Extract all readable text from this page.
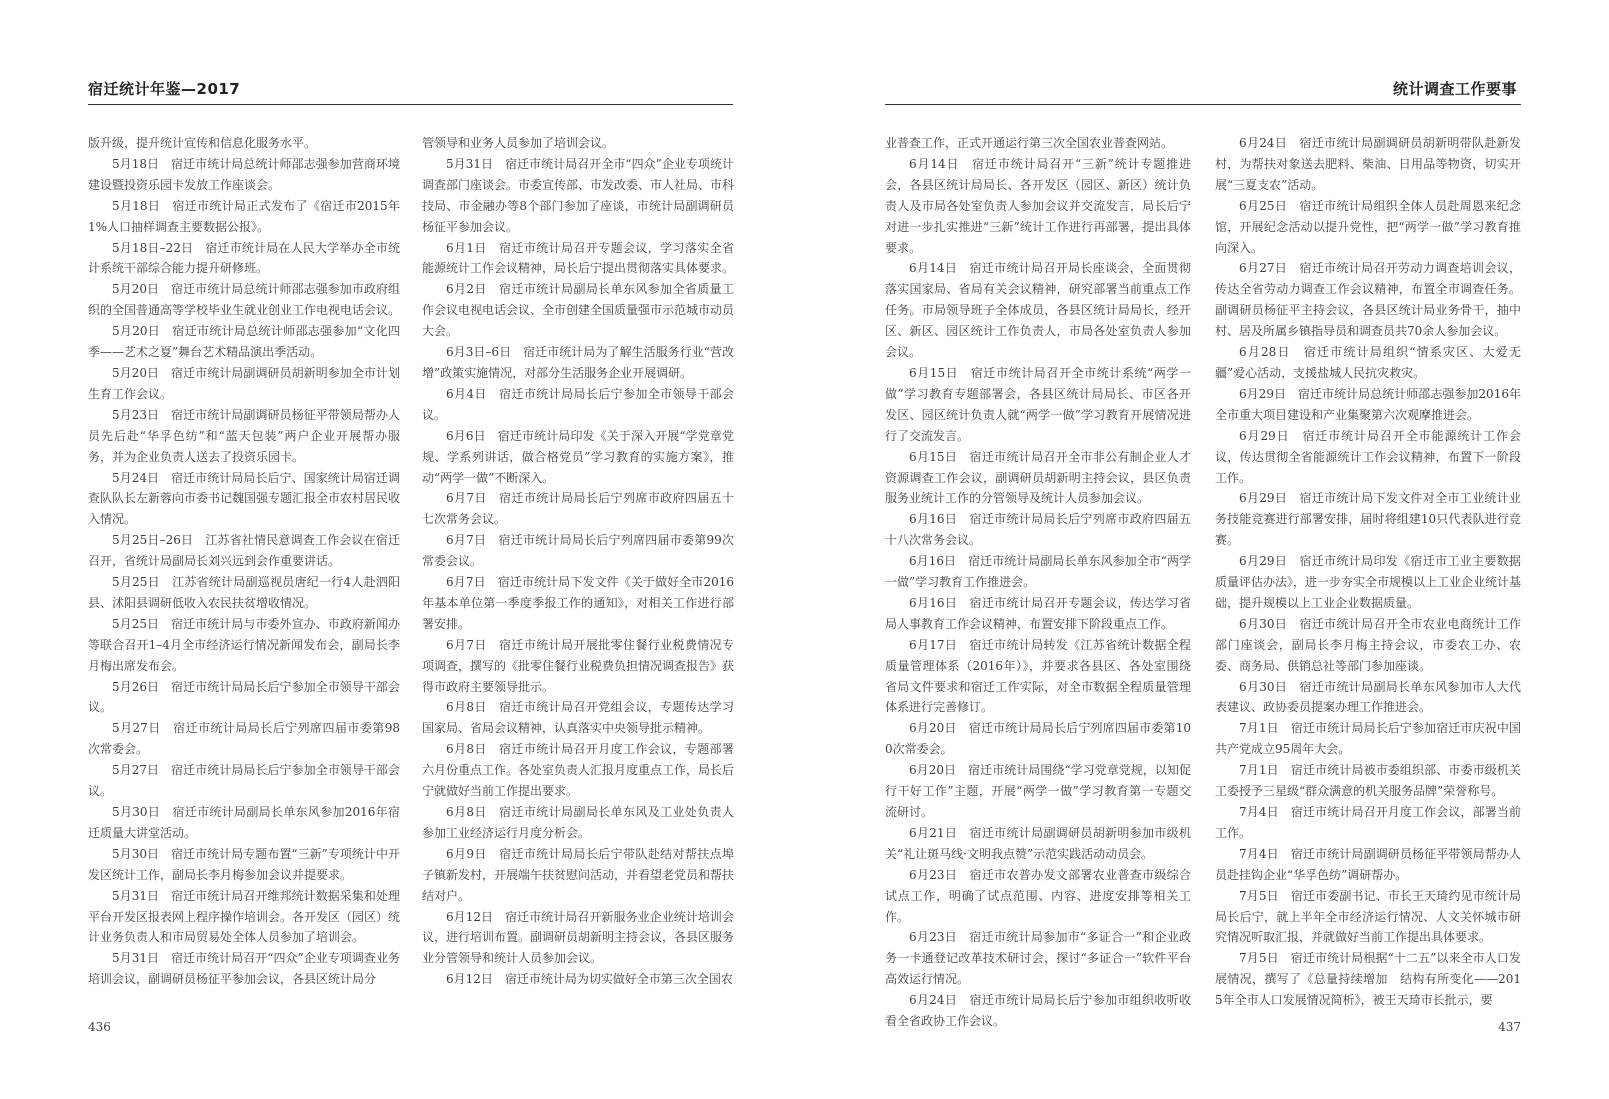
宿迁统计年鉴—2017

版升级，提升统计宣传和信息化服务水平。

5月18日　宿迁市统计局总统计师邵志强参加营商环境建设暨投资乐园卡发放工作座谈会。

5月18日　宿迁市统计局正式发布了《宿迁市2015年1%人口抽样调查主要数据公报》。

5月18日–22日　宿迁市统计局在人民大学举办全市统计系统干部综合能力提升研修班。

5月20日　宿迁市统计局总统计师邵志强参加市政府组织的全国普通高等学校毕业生就业创业工作电视电话会议。

5月20日　宿迁市统计局总统计师邵志强参加“文化四季——艺术之夏”舞台艺术精品演出季活动。

5月20日　宿迁市统计局副调研员胡新明参加全市计划生育工作会议。

5月23日　宿迁市统计局副调研员杨征平带领局帮办人员先后赴“华孚色纺”和“蓝天包装”两户企业开展帮办服务，并为企业负责人送去了投资乐园卡。

5月24日　宿迁市统计局局长后宁、国家统计局宿迁调查队队长左新蓉向市委书记魏国强专题汇报全市农村居民收入情况。

5月25日–26日　江苏省社情民意调查工作会议在宿迁召开，省统计局副局长刘兴远到会作重要讲话。

5月25日　江苏省统计局副巡视员唐纪一行4人赴泗阳县、沭阳县调研低收入农民扶贫增收情况。

5月25日　宿迁市统计局与市委外宣办、市政府新闻办等联合召开1–4月全市经济运行情况新闻发布会，副局长李月梅出席发布会。

5月26日　宿迁市统计局局长后宁参加全市领导干部会议。

5月27日　宿迁市统计局局长后宁列席四届市委第98次常委会。

5月27日　宿迁市统计局局长后宁参加全市领导干部会议。

5月30日　宿迁市统计局副局长单东风参加2016年宿迁质量大讲堂活动。

5月30日　宿迁市统计局专题布置“三新”专项统计中开发区统计工作，副局长李月梅参加会议并提要求。

5月31日　宿迁市统计局召开维邦统计数据采集和处理平台开发区报表网上程序操作培训会。各开发区（园区）统计业务负责人和市局贸易处全体人员参加了培训会。

5月31日　宿迁市统计局召开“四众”企业专项调查业务培训会议，副调研员杨征平参加会议，各县区统计局分

管领导和业务人员参加了培训会议。

5月31日　宿迁市统计局召开全市“四众”企业专项统计调查部门座谈会。市委宣传部、市发改委、市人社局、市科技局、市金融办等8个部门参加了座谈，市统计局副调研员杨征平参加会议。

6月1日　宿迁市统计局召开专题会议，学习落实全省能源统计工作会议精神，局长后宁提出贯彻落实具体要求。

6月2日　宿迁市统计局副局长单东风参加全省质量工作会议电视电话会议、全市创建全国质量强市示范城市动员大会。

6月3日–6日　宿迁市统计局为了解生活服务行业“营改增”政策实施情况，对部分生活服务企业开展调研。

6月4日　宿迁市统计局局长后宁参加全市领导干部会议。

6月6日　宿迁市统计局印发《关于深入开展“学党章党规、学系列讲话，做合格党员”学习教育的实施方案》，推动“两学一做”不断深入。

6月7日　宿迁市统计局局长后宁列席市政府四届五十七次常务会议。

6月7日　宿迁市统计局局长后宁列席四届市委第99次常委会议。

6月7日　宿迁市统计局下发文件《关于做好全市2016年基本单位第一季度季报工作的通知》，对相关工作进行部署安排。

6月7日　宿迁市统计局开展批零住餐行业税费情况专项调查，撰写的《批零住餐行业税费负担情况调查报告》获得市政府主要领导批示。

6月8日　宿迁市统计局召开党组会议，专题传达学习国家局、省局会议精神，认真落实中央领导批示精神。

6月8日　宿迁市统计局召开月度工作会议，专题部署六月份重点工作。各处室负责人汇报月度重点工作，局长后宁就做好当前工作提出要求。

6月8日　宿迁市统计局副局长单东风及工业处负责人参加工业经济运行月度分析会。

6月9日　宿迁市统计局局长后宁带队赴结对帮扶点埠子镇新发村，开展端午扶贫慰问活动，并看望老党员和帮扶结对户。

6月12日　宿迁市统计局召开新服务业企业统计培训会议，进行培训布置。副调研员胡新明主持会议，各县区服务业分管领导和统计人员参加会议。

6月12日　宿迁市统计局为切实做好全市第三次全国农

436
统计调查工作要事

业普查工作，正式开通运行第三次全国农业普查网站。

6月14日　宿迁市统计局召开“三新”统计专题推进会，各县区统计局局长、各开发区（园区、新区）统计负责人及市局各处室负责人参加会议并交流发言，局长后宁对进一步扎实推进“三新”统计工作进行再部署，提出具体要求。

6月14日　宿迁市统计局召开局长座谈会，全面贯彻落实国家局、省局有关会议精神，研究部署当前重点工作任务。市局领导班子全体成员，各县区统计局局长，经开区、新区、园区统计工作负责人，市局各处室负责人参加会议。

6月15日　宿迁市统计局召开全市统计系统“两学一做”学习教育专题部署会，各县区统计局局长、市区各开发区、园区统计负责人就“两学一做”学习教育开展情况进行了交流发言。

6月15日　宿迁市统计局召开全市非公有制企业人才资源调查工作会议，副调研员胡新明主持会议，县区负责服务业统计工作的分管领导及统计人员参加会议。

6月16日　宿迁市统计局局长后宁列席市政府四届五十八次常务会议。

6月16日　宿迁市统计局副局长单东风参加全市“两学一做”学习教育工作推进会。

6月16日　宿迁市统计局召开专题会议，传达学习省局人事教育工作会议精神，布置安排下阶段重点工作。

6月17日　宿迁市统计局转发《江苏省统计数据全程质量管理体系（2016年）》，并要求各县区、各处室围绕省局文件要求和宿迁工作实际，对全市数据全程质量管理体系进行完善修订。

6月20日　宿迁市统计局局长后宁列席四届市委第100次常委会。

6月20日　宿迁市统计局围绕“学习党章党规，以知促行干好工作”主题，开展“两学一做”学习教育第一专题交流研讨。

6月21日　宿迁市统计局副调研员胡新明参加市级机关“礼让斑马线·文明我点赞”示范实践活动动员会。

6月23日　宿迁市农普办发文部署农业普查市级综合试点工作，明确了试点范围、内容、进度安排等相关工作。

6月23日　宿迁市统计局参加市“多证合一”和企业政务一卡通登记改革技术研讨会，探讨“多证合一”软件平台高效运行情况。

6月24日　宿迁市统计局局长后宁参加市组织收听收看全省政协工作会议。

6月24日　宿迁市统计局副调研员胡新明带队赴新发村，为帮扶对象送去肥料、柴油、日用品等物资，切实开展“三夏支农”活动。

6月25日　宿迁市统计局组织全体人员赴周恩来纪念馆，开展纪念活动以提升党性，把“两学一做”学习教育推向深入。

6月27日　宿迁市统计局召开劳动力调查培训会议，传达全省劳动力调查工作会议精神，布置全市调查任务。副调研员杨征平主持会议，各县区统计局业务骨干，抽中村、居及所属乡镇指导员和调查员共70余人参加会议。

6月28日　宿迁市统计局组织“情系灾区、大爱无疆”爱心活动，支援盐城人民抗灾救灾。

6月29日　宿迁市统计局总统计师邵志强参加2016年全市重大项目建设和产业集聚第六次观摩推进会。

6月29日　宿迁市统计局召开全市能源统计工作会议，传达贯彻全省能源统计工作会议精神，布置下一阶段工作。

6月29日　宿迁市统计局下发文件对全市工业统计业务技能竞赛进行部署安排，届时将组建10只代表队进行竞赛。

6月29日　宿迁市统计局印发《宿迁市工业主要数据质量评估办法》，进一步夯实全市规模以上工业企业统计基础，提升规模以上工业企业数据质量。

6月30日　宿迁市统计局召开全市农业电商统计工作部门座谈会，副局长李月梅主持会议，市委农工办、农委、商务局、供销总社等部门参加座谈。

6月30日　宿迁市统计局副局长单东风参加市人大代表建议、政协委员提案办理工作推进会。

7月1日　宿迁市统计局局长后宁参加宿迁市庆祝中国共产党成立95周年大会。

7月1日　宿迁市统计局被市委组织部、市委市级机关工委授予三星级“群众满意的机关服务品牌”荣誉称号。

7月4日　宿迁市统计局召开月度工作会议，部署当前工作。

7月4日　宿迁市统计局副调研员杨征平带领局帮办人员赴挂钩企业“华孚色纺”调研帮办。

7月5日　宿迁市委副书记、市长王天琦约见市统计局局长后宁，就上半年全市经济运行情况、人文关怀城市研究情况听取汇报，并就做好当前工作提出具体要求。

7月5日　宿迁市统计局根据“十二五”以来全市人口发展情况，撰写了《总量持续增加　结构有所变化——2015年全市人口发展情况简析》，被王天琦市长批示，要

437
